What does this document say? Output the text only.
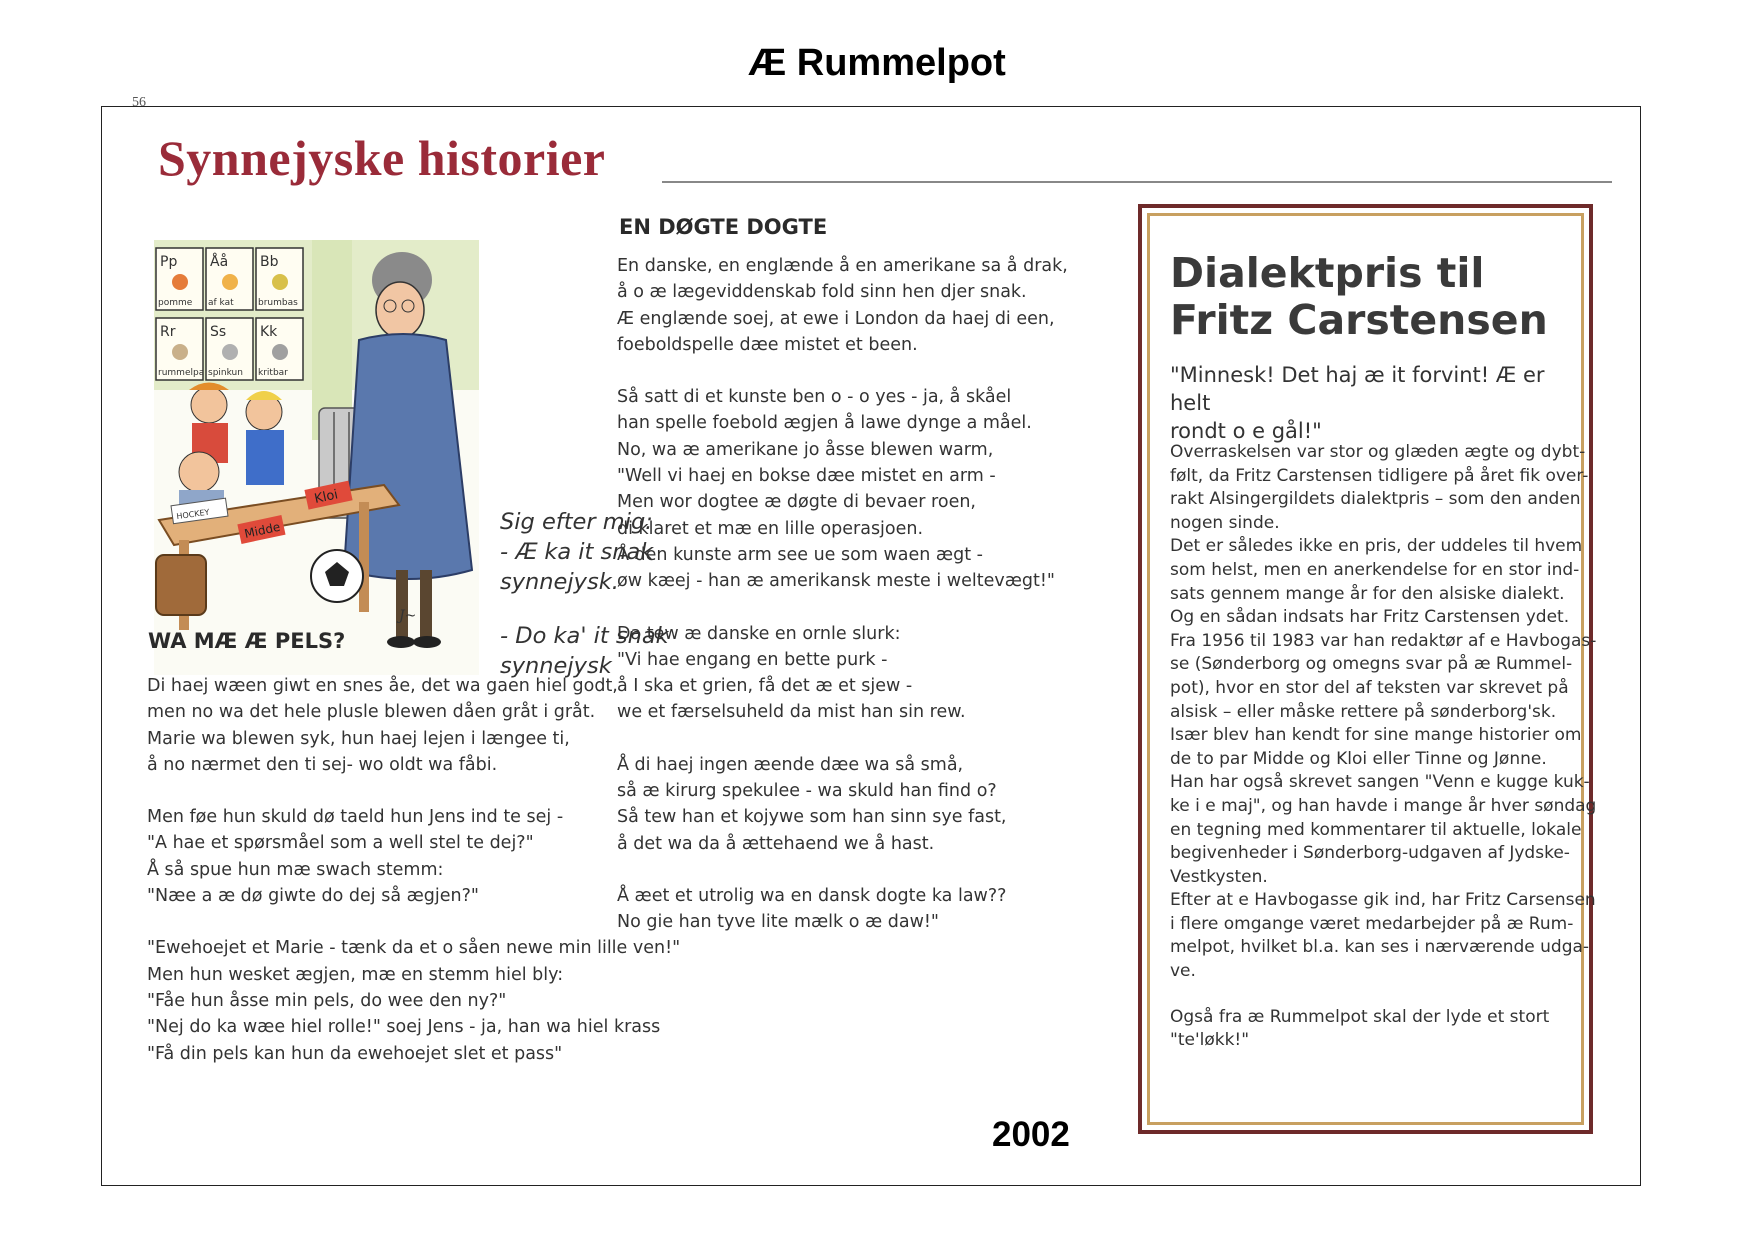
Æ Rummelpot
56
Synnejyske historier
Pp
pomme
Åå
af kat
Bb
brumbas
Rr
rummelpa
Ss
spinkun
Kk
kritbar
HOCKEY
Midde
Kloi
J~

Sig efter mig:

- Æ ka it snak

synnejysk.

- Do ka' it snak

synnejysk

WA MÆ Æ PELS?
Di haej wæen giwt en snes åe, det wa gaen hiel godt,
men no wa det hele plusle blewen dåen gråt i gråt.
Marie wa blewen syk, hun haej lejen i længee ti,
å no nærmet den ti sej- wo oldt wa fåbi.
Men føe hun skuld dø taeld hun Jens ind te sej -
"A hae et spørsmåel som a well stel te dej?"
Å så spue hun mæ swach stemm:
"Næe a æ dø giwte do dej så ægjen?"
"Ewehoejet et Marie - tænk da et o såen newe min lille ven!"
Men hun wesket ægjen, mæ en stemm hiel bly:
"Fåe hun åsse min pels, do wee den ny?"
"Nej do ka wæe hiel rolle!" soej Jens - ja, han wa hiel krass
"Få din pels kan hun da ewehoejet slet et pass"
EN DØGTE DOGTE
En danske, en englænde å en amerikane sa å drak,
å o æ lægeviddenskab fold sinn hen djer snak.
Æ englænde soej, at ewe i London da haej di een,
foeboldspelle dæe mistet et been.
Så satt di et kunste ben o - o yes - ja, å skåel
han spelle foebold ægjen å lawe dynge a måel.
No, wa æ amerikane jo åsse blewen warm,
"Well vi haej en bokse dæe mistet en arm -
Men wor dogtee æ døgte di bevaer roen,
di klaret et mæ en lille operasjoen.
Å den kunste arm see ue som waen ægt -
øw kæej - han æ amerikansk meste i weltevægt!"
Da tew æ danske en ornle slurk:
"Vi hae engang en bette purk -
å I ska et grien, få det æ et sjew -
we et færselsuheld da mist han sin rew.
Å di haej ingen æende dæe wa så små,
så æ kirurg spekulee - wa skuld han find o?
Så tew han et kojywe som han sinn sye fast,
å det wa da å ættehaend we å hast.
Å æet et utrolig wa en dansk dogte ka law??
No gie han tyve lite mælk o æ daw!"
Dialektpris til
Fritz Carstensen
"Minnesk! Det haj æ it forvint! Æ er helt
rondt o e gål!"
Overraskelsen var stor og glæden ægte og dybt-
følt, da Fritz Carstensen tidligere på året fik over-
rakt Alsingergildets dialektpris – som den anden
nogen sinde.
Det er således ikke en pris, der uddeles til hvem
som helst, men en anerkendelse for en stor ind-
sats gennem mange år for den alsiske dialekt.
Og en sådan indsats har Fritz Carstensen ydet.
Fra 1956 til 1983 var han redaktør af e Havbogas-
se (Sønderborg og omegns svar på æ Rummel-
pot), hvor en stor del af teksten var skrevet på
alsisk – eller måske rettere på sønderborg'sk.
Især blev han kendt for sine mange historier om
de to par Midde og Kloi eller Tinne og Jønne.
Han har også skrevet sangen "Venn e kugge kuk-
ke i e maj", og han havde i mange år hver søndag
en tegning med kommentarer til aktuelle, lokale
begivenheder i Sønderborg-udgaven af Jydske-
Vestkysten.
Efter at e Havbogasse gik ind, har Fritz Carsensen
i flere omgange været medarbejder på æ Rum-
melpot, hvilket bl.a. kan ses i nærværende udga-
ve.
Også fra æ Rummelpot skal der lyde et stort
"te'løkk!"
2002
